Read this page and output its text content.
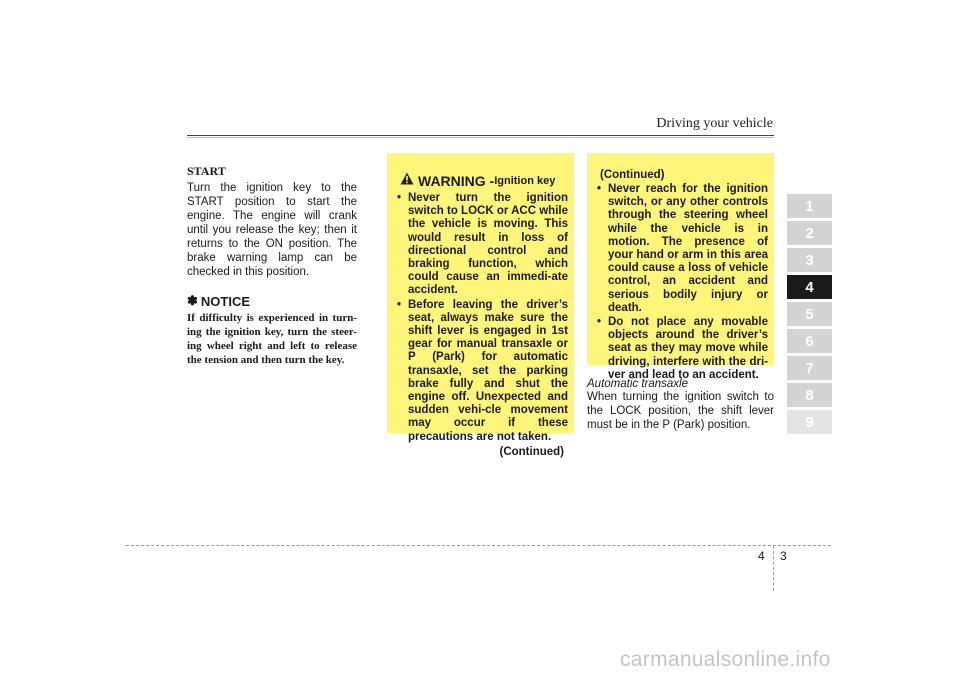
Driving your vehicle
START

Turn the ignition key to the START position to start the engine. The engine will crank until you release the key; then it returns to the ON position. The brake warning lamp can be checked in this position.

✽ NOTICE

If difficulty is experienced in turn-ing the ignition key, turn the steer-ing wheel right and left to release the tension and then turn the key.

WARNING - Ignition key
• Never turn the ignition switch to LOCK or ACC while the vehicle is moving. This would result in loss of directional control and braking function, which could cause an immedi-ate accident.
• Before leaving the driver’s seat, always make sure the shift lever is engaged in 1st gear for manual transaxle or P (Park) for automatic transaxle, set the parking brake fully and shut the engine off. Unexpected and sudden vehi-cle movement may occur if these precautions are not taken.
(Continued)
(Continued)
• Never reach for the ignition switch, or any other controls through the steering wheel while the vehicle is in motion. The presence of your hand or arm in this area could cause a loss of vehicle control, an accident and serious bodily injury or death.
• Do not place any movable objects around the driver’s seat as they may move while driving, interfere with the dri-ver and lead to an accident.
Automatic transaxle

When turning the ignition switch to the LOCK position, the shift lever must be in the P (Park) position.

1
2
3
4
5
6
7
8
9
4 3
carmanualsonline.info
